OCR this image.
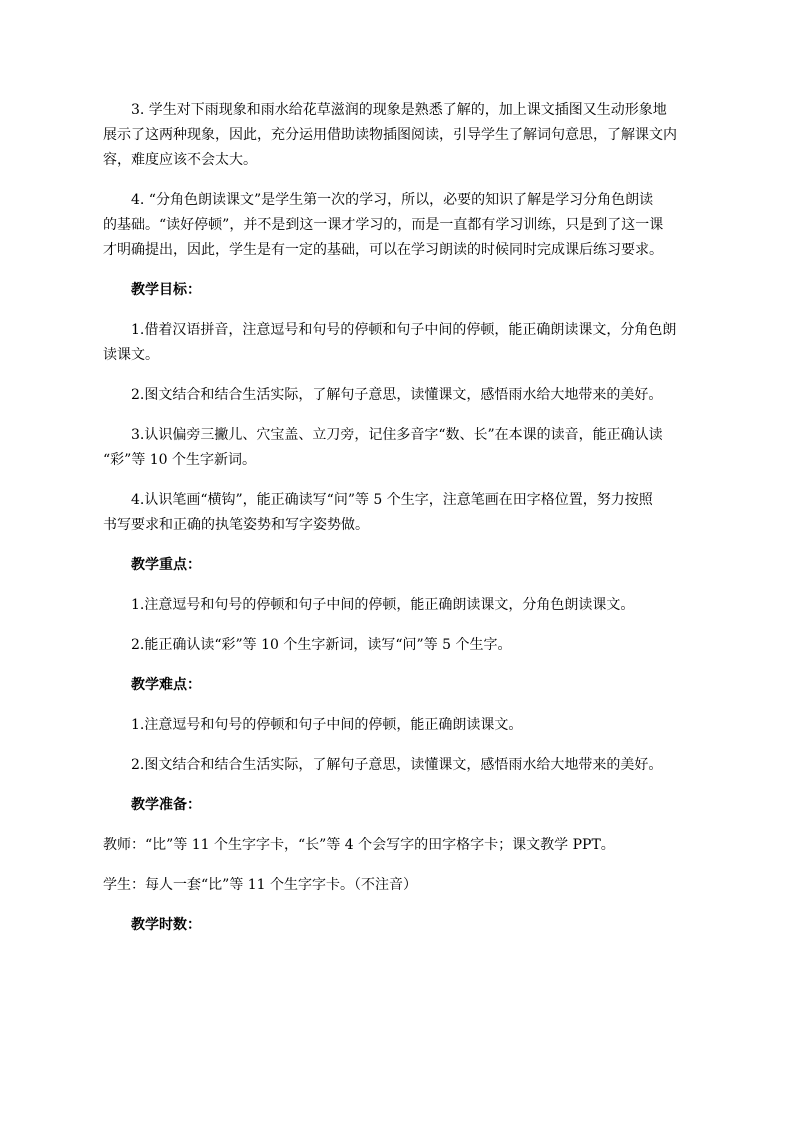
3. 学生对下雨现象和雨水给花草滋润的现象是熟悉了解的，加上课文插图又生动形象地

展示了这两种现象，因此，充分运用借助读物插图阅读，引导学生了解词句意思，了解课文内

容，难度应该不会太大。

4. “分角色朗读课文”是学生第一次的学习，所以，必要的知识了解是学习分角色朗读

的基础。“读好停顿”，并不是到这一课才学习的，而是一直都有学习训练，只是到了这一课

才明确提出，因此，学生是有一定的基础，可以在学习朗读的时候同时完成课后练习要求。

教学目标：

1.借着汉语拼音，注意逗号和句号的停顿和句子中间的停顿，能正确朗读课文，分角色朗

读课文。

2.图文结合和结合生活实际，了解句子意思，读懂课文，感悟雨水给大地带来的美好。

3.认识偏旁三撇儿、穴宝盖、立刀旁，记住多音字“数、长”在本课的读音，能正确认读

“彩”等 10 个生字新词。

4.认识笔画“横钩”，能正确读写“问”等 5 个生字，注意笔画在田字格位置，努力按照

书写要求和正确的执笔姿势和写字姿势做。

教学重点：

1.注意逗号和句号的停顿和句子中间的停顿，能正确朗读课文，分角色朗读课文。

2.能正确认读“彩”等 10 个生字新词，读写“问”等 5 个生字。

教学难点：

1.注意逗号和句号的停顿和句子中间的停顿，能正确朗读课文。

2.图文结合和结合生活实际，了解句子意思，读懂课文，感悟雨水给大地带来的美好。

教学准备：

教师：“比”等 11 个生字字卡，“长”等 4 个会写字的田字格字卡；课文教学 PPT。

学生：每人一套“比”等 11 个生字字卡。（不注音）

教学时数：
